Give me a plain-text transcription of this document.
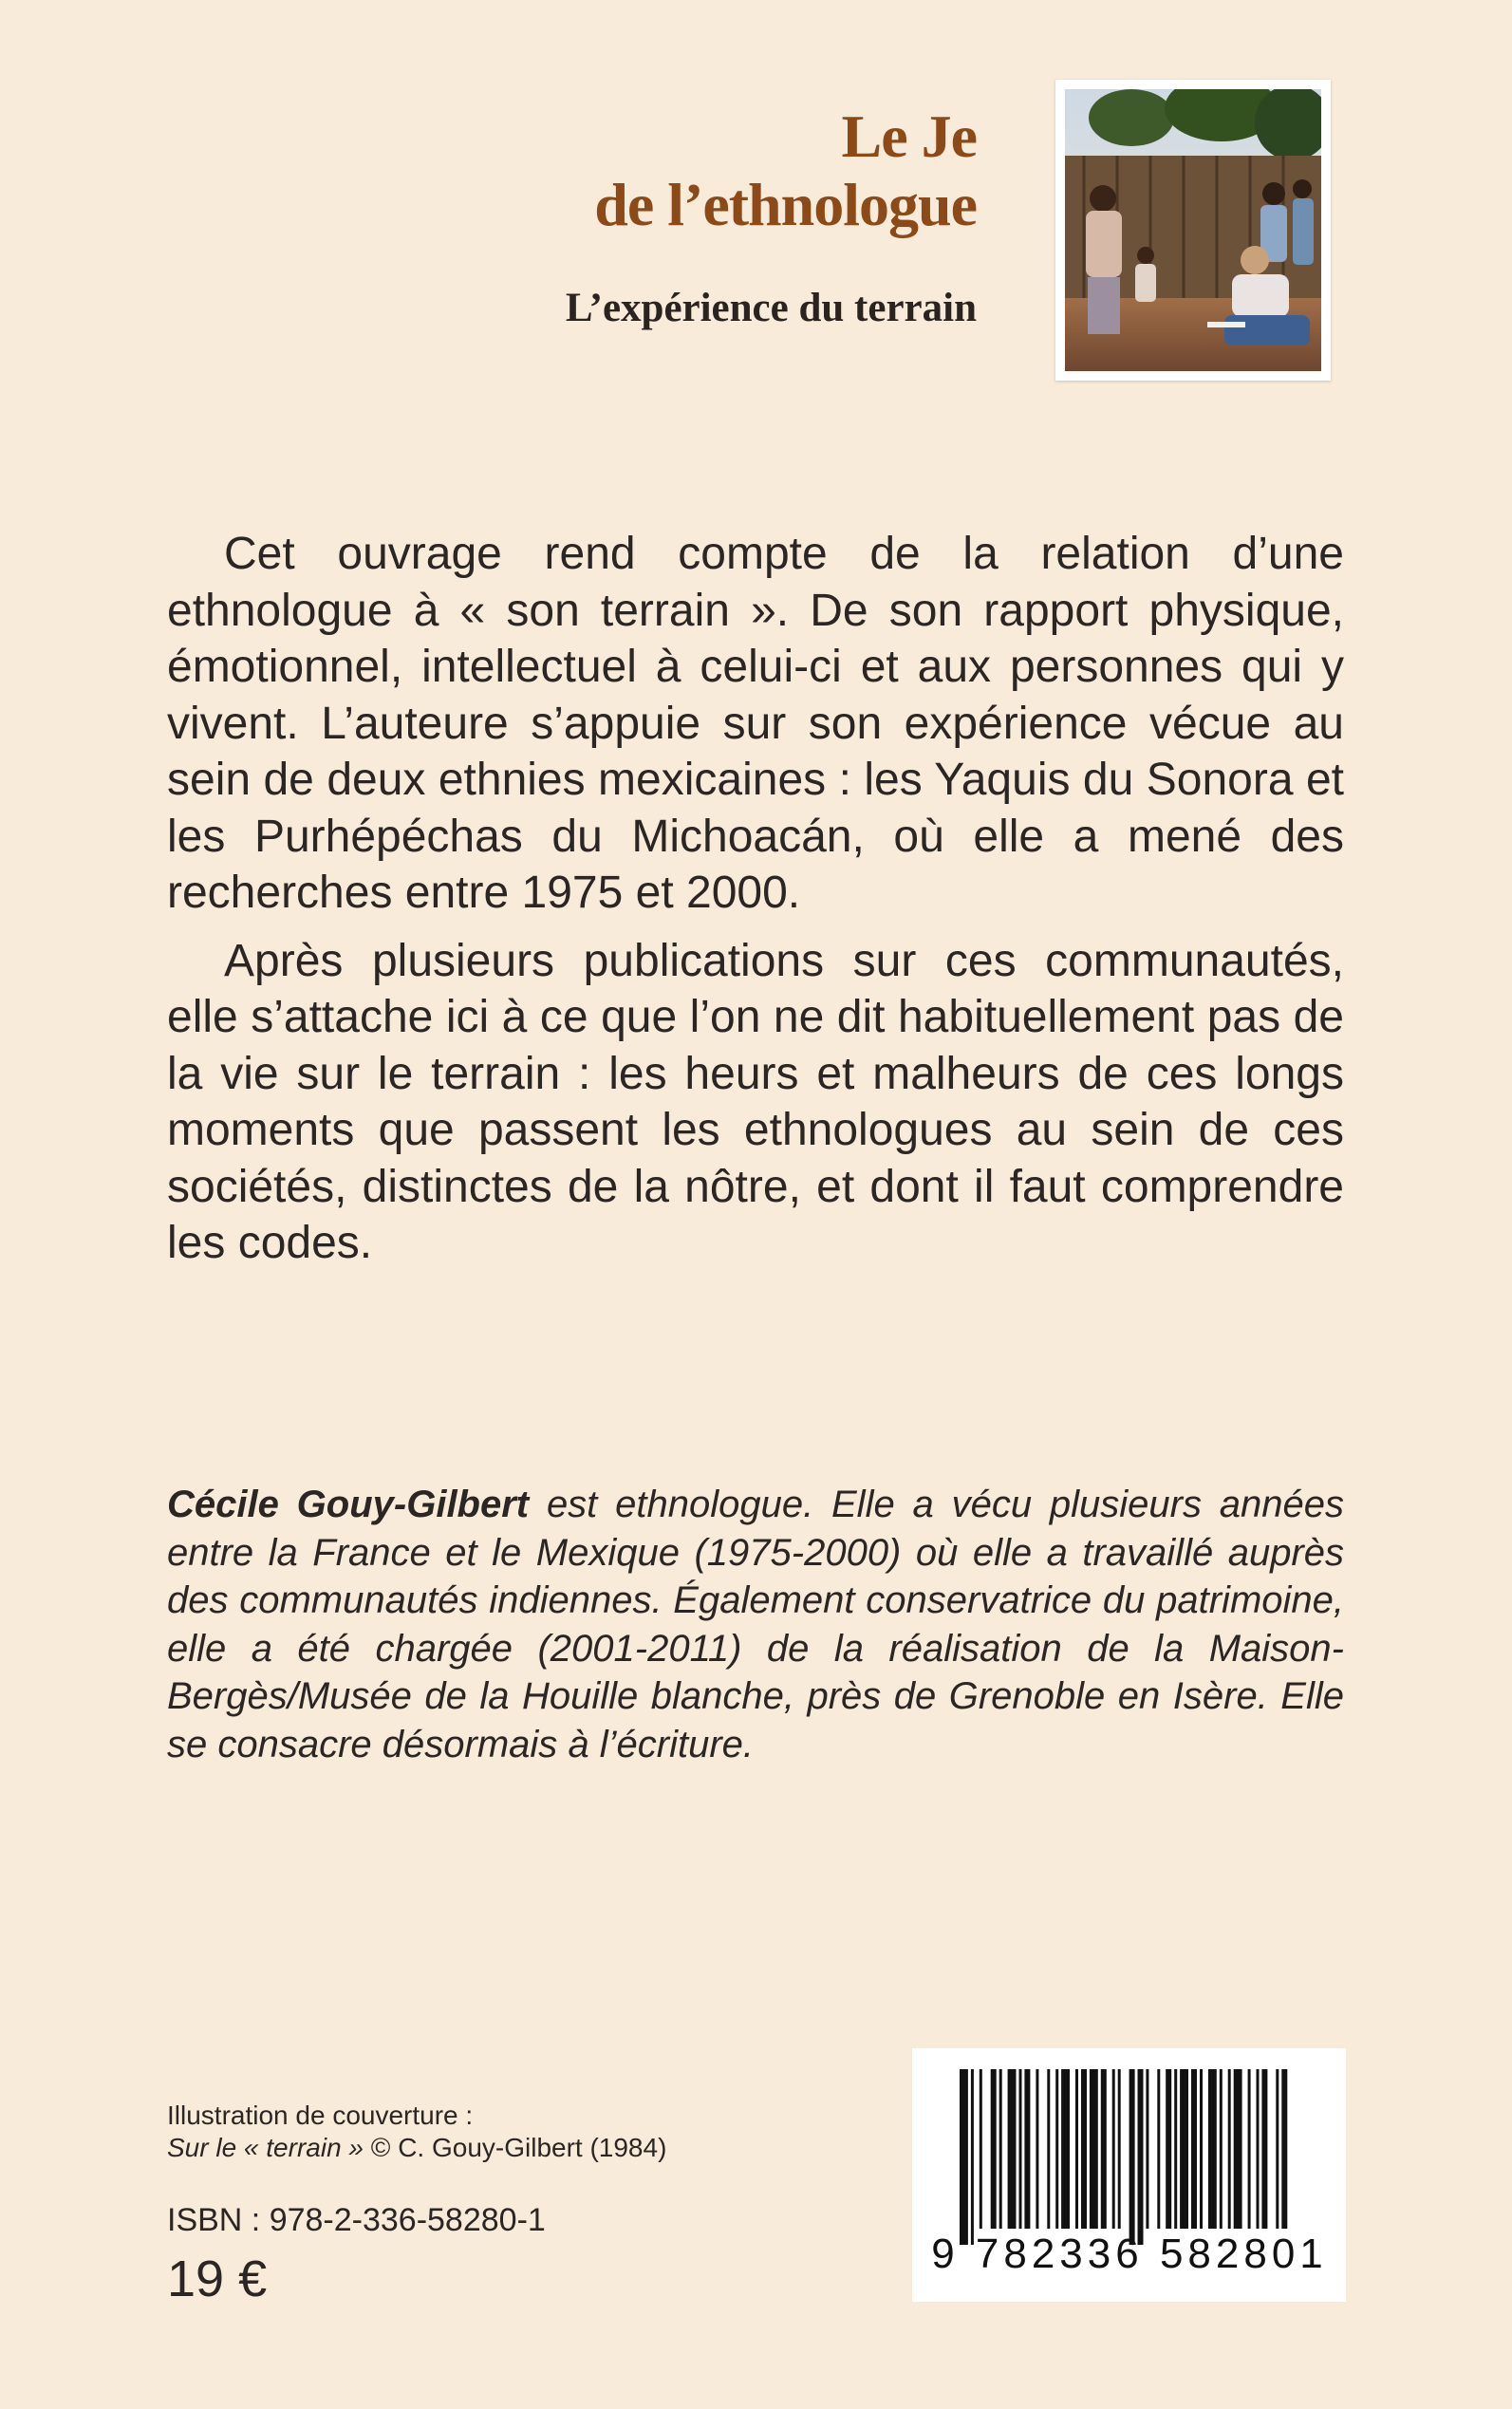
Le Je
de l’ethnologue
L’expérience du terrain

Cet ouvrage rend compte de la relation d’une ethnologue à « son terrain ». De son rapport physique, émotionnel, intellectuel à celui-ci et aux personnes qui y vivent. L’auteure s’appuie sur son expérience vécue au sein de deux ethnies mexicaines : les Yaquis du Sonora et les Purhépéchas du Michoacán, où elle a mené des recherches entre 1975 et 2000.

Après plusieurs publications sur ces communautés, elle s’attache ici à ce que l’on ne dit habituellement pas de la vie sur le terrain : les heurs et malheurs de ces longs moments que passent les ethnologues au sein de ces sociétés, distinctes de la nôtre, et dont il faut comprendre les codes.

Cécile Gouy-Gilbert est ethnologue. Elle a vécu plusieurs années entre la France et le Mexique (1975-2000) où elle a travaillé auprès des communautés indiennes. Également conservatrice du patrimoine, elle a été chargée (2001-2011) de la réalisation de la Maison-Bergès/Musée de la Houille blanche, près de Grenoble en Isère. Elle se consacre désormais à l’écriture.
Illustration de couverture :
Sur le « terrain » © C. Gouy-Gilbert (1984)
ISBN : 978-2-336-58280-1
19 €	9 782336 582801
